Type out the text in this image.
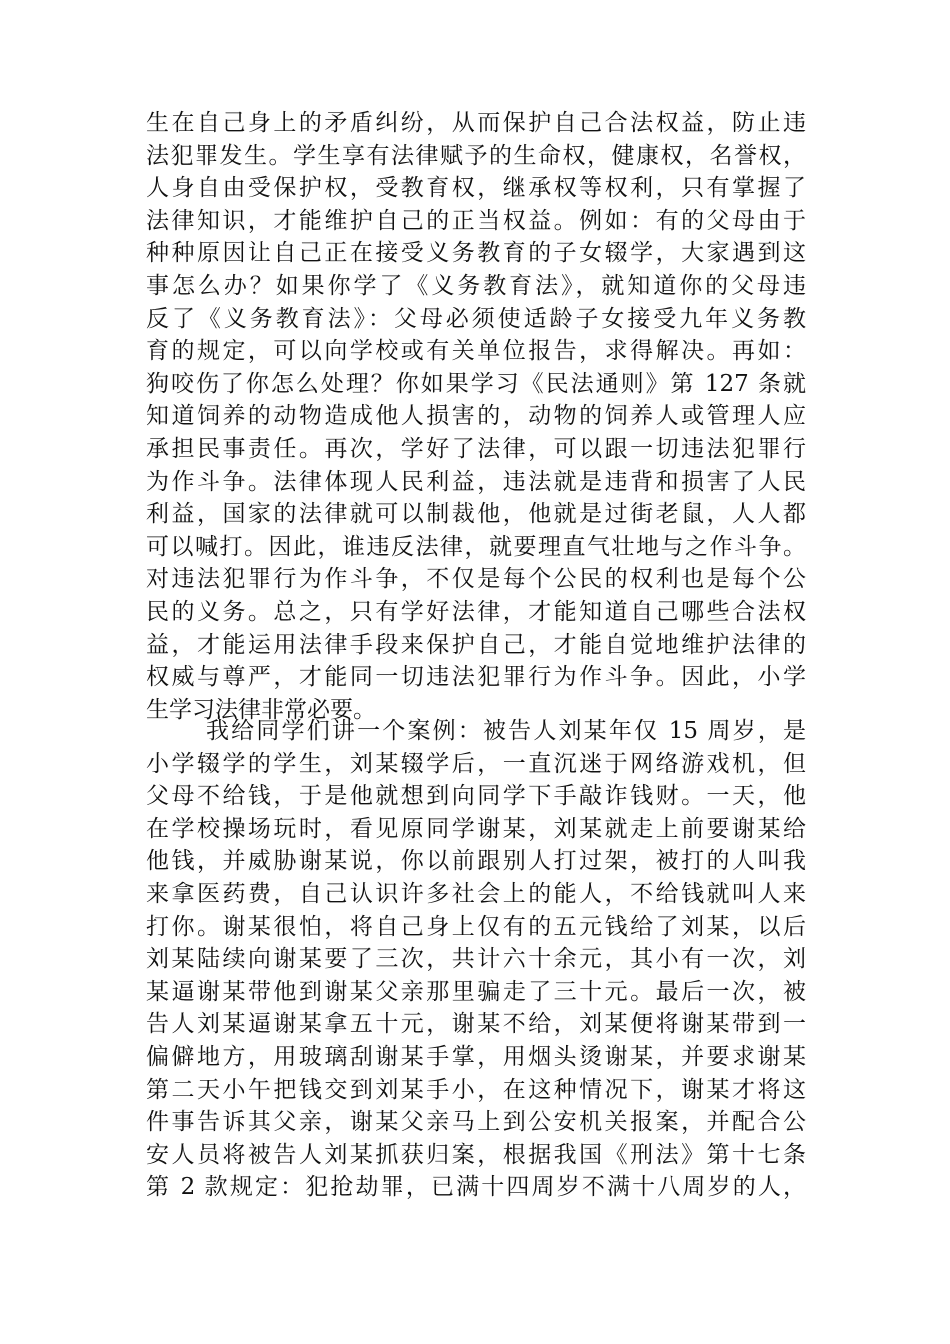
生在自己身上的矛盾纠纷，从而保护自己合法权益，防止违
法犯罪发生。学生享有法律赋予的生命权，健康权，名誉权，
人身自由受保护权，受教育权，继承权等权利，只有掌握了
法律知识，才能维护自己的正当权益。例如：有的父母由于
种种原因让自己正在接受义务教育的子女辍学，大家遇到这
事怎么办？如果你学了《义务教育法》，就知道你的父母违
反了《义务教育法》：父母必须使适龄子女接受九年义务教
育的规定，可以向学校或有关单位报告，求得解决。再如：
狗咬伤了你怎么处理？你如果学习《民法通则》第 127 条就
知道饲养的动物造成他人损害的，动物的饲养人或管理人应
承担民事责任。再次，学好了法律，可以跟一切违法犯罪行
为作斗争。法律体现人民利益，违法就是违背和损害了人民
利益，国家的法律就可以制裁他，他就是过街老鼠，人人都
可以喊打。因此，谁违反法律，就要理直气壮地与之作斗争。
对违法犯罪行为作斗争，不仅是每个公民的权利也是每个公
民的义务。总之，只有学好法律，才能知道自己哪些合法权
益，才能运用法律手段来保护自己，才能自觉地维护法律的
权威与尊严，才能同一切违法犯罪行为作斗争。因此，小学
生学习法律非常必要。
我给同学们讲一个案例：被告人刘某年仅 15 周岁，是
小学辍学的学生，刘某辍学后，一直沉迷于网络游戏机，但
父母不给钱，于是他就想到向同学下手敲诈钱财。一天，他
在学校操场玩时，看见原同学谢某，刘某就走上前要谢某给
他钱，并威胁谢某说，你以前跟别人打过架，被打的人叫我
来拿医药费，自己认识许多社会上的能人，不给钱就叫人来
打你。谢某很怕，将自己身上仅有的五元钱给了刘某，以后
刘某陆续向谢某要了三次，共计六十余元，其小有一次，刘
某逼谢某带他到谢某父亲那里骗走了三十元。最后一次，被
告人刘某逼谢某拿五十元，谢某不给，刘某便将谢某带到一
偏僻地方，用玻璃刮谢某手掌，用烟头烫谢某，并要求谢某
第二天小午把钱交到刘某手小，在这种情况下，谢某才将这
件事告诉其父亲，谢某父亲马上到公安机关报案，并配合公
安人员将被告人刘某抓获归案，根据我国《刑法》第十七条
第 2 款规定：犯抢劫罪，已满十四周岁不满十八周岁的人，
